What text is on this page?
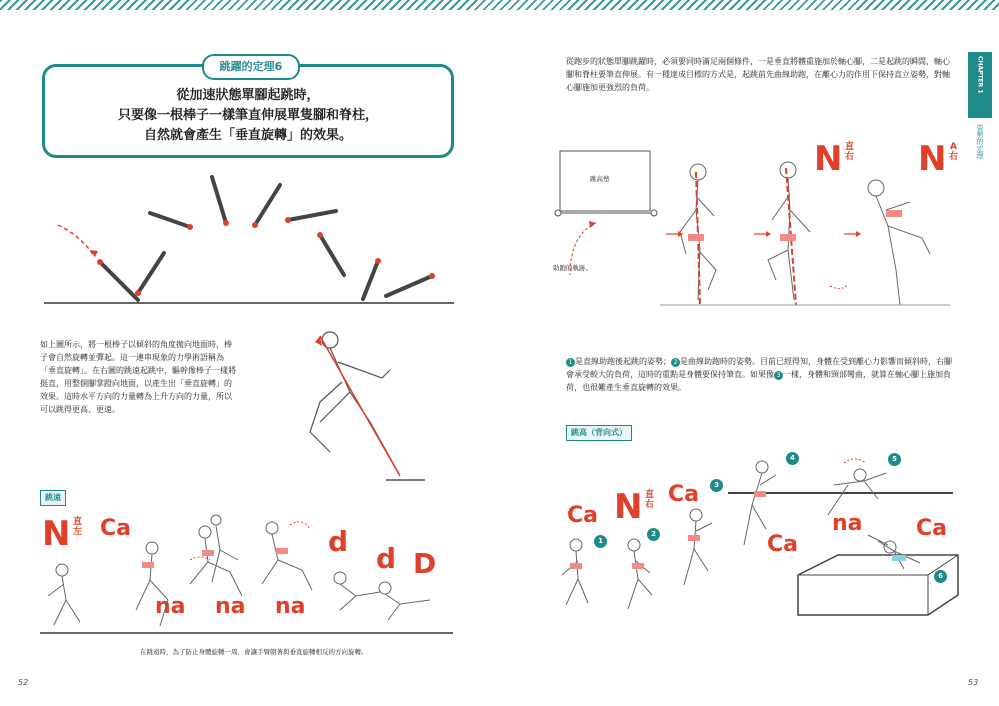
跳躍的定理6
從加速狀態單腳起跳時，
只要像一根棒子一樣筆直伸展單隻腳和脊柱，
自然就會產生「垂直旋轉」的效果。
如上圖所示，將一根棒子以傾斜的角度拋向地面時，棒子會自然旋轉並彈起。這一連串現象的力學術語稱為「垂直旋轉」。在右圖的跳遠起跳中，驅幹像棒子一樣將挺直，用整個腳掌蹬向地面，以產生出「垂直旋轉」的效果。這時水平方向的力量轉為上升方向的力量，所以可以跳得更高、更遠。
跳遠
N 直左 Ca
na na na
d
d D
在跳遠時，為了防止身體旋轉一周，會讓手臂朝著與垂直旋轉相反的方向旋轉。
52
從跑步的狀態單腳跳躍時，必須要同時滿足兩個條件，一是垂直將體重施加於軸心腳，二是起跳的瞬間，軸心腳和脊柱要筆直伸展。有一種達成目標的方式是，起跳前先曲線助跑，在離心力的作用下保持直立姿勢，對軸心腳施加更強烈的負荷。	CHAPTER 1
姿勢的定理
跳高墊
助跑的軌跡。
N 直右 N A右
1 是直線助跑後起跳的姿勢； 2 是曲線助跑時的姿勢。目前已經得知，身體在受到離心力影響而傾斜時，右腳會承受較大的負荷，這時的重點是身體要保持筆直。如果像 3 一樣，身體和頸部彎曲，就算在軸心腳上施加負荷，也很難產生垂直旋轉的效果。
跳高（背向式）
1
2
3
4	5
6
Ca N 直右 Ca
Ca
na Ca
53
